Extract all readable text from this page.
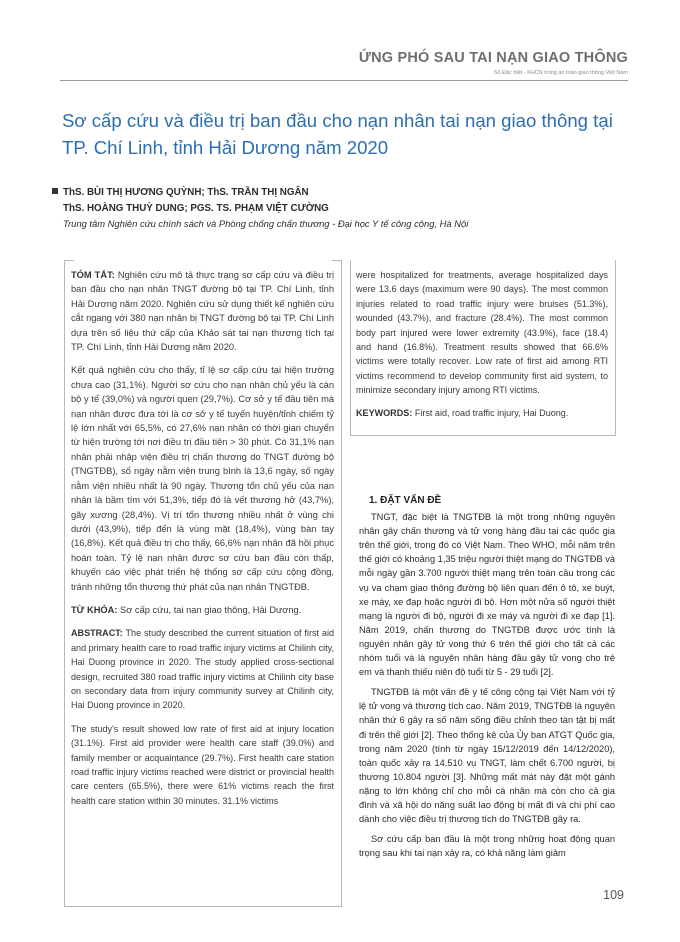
ỨNG PHÓ SAU TAI NẠN GIAO THÔNG
Số Đặc biệt - KHCN trong an toàn giao thông Việt Nam
Sơ cấp cứu và điều trị ban đầu cho nạn nhân tai nạn giao thông tại TP. Chí Linh, tỉnh Hải Dương năm 2020
ThS. BÙI THỊ HƯƠNG QUỲNH; ThS. TRẦN THỊ NGÂN
ThS. HOÀNG THUỲ DUNG; PGS. TS. PHẠM VIỆT CƯỜNG
Trung tâm Nghiên cứu chính sách và Phòng chống chấn thương - Đại học Y tế công cộng, Hà Nội

TÓM TẮT: Nghiên cứu mô tả thực trạng sơ cấp cứu và điều trị ban đầu cho nạn nhân TNGT đường bộ tại TP. Chí Linh, tỉnh Hải Dương năm 2020. Nghiên cứu sử dụng thiết kế nghiên cứu cắt ngang với 380 nạn nhân bị TNGT đường bộ tại TP. Chí Linh dựa trên số liệu thứ cấp của Khảo sát tai nạn thương tích tại TP. Chí Linh, tỉnh Hải Dương năm 2020.

Kết quả nghiên cứu cho thấy, tỉ lệ sơ cấp cứu tại hiện trường chưa cao (31,1%). Người sơ cứu cho nạn nhân chủ yếu là cán bộ y tế (39,0%) và người quen (29,7%). Cơ sở y tế đầu tiên mà nạn nhân được đưa tới là cơ sở y tế tuyến huyện/tỉnh chiếm tỷ lệ lớn nhất với 65,5%, có 27,6% nạn nhân có thời gian chuyển từ hiện trường tới nơi điều trị đầu tiên > 30 phút. Có 31,1% nạn nhân phải nhập viện điều trị chấn thương do TNGT đường bộ (TNGTĐB), số ngày nằm viện trung bình là 13,6 ngày, số ngày nằm viện nhiều nhất là 90 ngày. Thương tổn chủ yếu của nạn nhân là bầm tím với 51,3%, tiếp đó là vết thương hở (43,7%), gãy xương (28,4%). Vị trí tổn thương nhiều nhất ở vùng chi dưới (43,9%), tiếp đến là vùng mặt (18,4%), vùng bàn tay (16,8%). Kết quả điều trị cho thấy, 66,6% nạn nhân đã hồi phục hoàn toàn. Tỷ lệ nạn nhân được sơ cứu ban đầu còn thấp, khuyến cáo việc phát triển hệ thống sơ cấp cứu cộng đồng, tránh những tổn thương thứ phát của nạn nhân TNGTĐB.

TỪ KHÓA: Sơ cấp cứu, tai nạn giao thông, Hải Dương.

ABSTRACT: The study described the current situation of first aid and primary health care to road traffic injury victims at Chilinh city, Hai Duong province in 2020. The study applied cross-sectional design, recruited 380 road traffic injury victims at Chilinh city base on secondary data from injury community survey at Chilinh city, Hai Duong province in 2020.

The study's result showed low rate of first aid at injury location (31.1%). First aid provider were health care staff (39.0%) and family member or acquaintance (29.7%). First health care station road traffic injury victims reached were district or provincial health care centers (65.5%), there were 61% victims reach the first health care station within 30 minutes. 31.1% victims

were hospitalized for treatments, average hospitalized days were 13.6 days (maximum were 90 days). The most common injuries related to road traffic injury were bruises (51.3%), wounded (43.7%), and fracture (28.4%). The most common body part injured were lower extremity (43.9%), face (18.4) and hand (16.8%). Treatment results showed that 66.6% victims were totally recover. Low rate of first aid among RTI victims recommend to develop community first aid system, to minimize secondary injury among RTI victims.

KEYWORDS: First aid, road traffic injury, Hai Duong.

1. ĐẶT VẤN ĐỀ

TNGT, đặc biệt là TNGTĐB là một trong những nguyên nhân gây chấn thương và tử vong hàng đầu tại các quốc gia trên thế giới, trong đó có Việt Nam. Theo WHO, mỗi năm trên thế giới có khoảng 1,35 triệu người thiệt mạng do TNGTĐB và mỗi ngày gần 3.700 người thiệt mạng trên toàn cầu trong các vụ va chạm giao thông đường bộ liên quan đến ô tô, xe buýt, xe máy, xe đạp hoặc người đi bộ. Hơn một nửa số người thiệt mạng là người đi bộ, người đi xe máy và người đi xe đạp [1]. Năm 2019, chấn thương do TNGTĐB được ước tính là nguyên nhân gây tử vong thứ 6 trên thế giới cho tất cả các nhóm tuổi và là nguyên nhân hàng đầu gây tử vong cho trẻ em và thanh thiếu niên độ tuổi từ 5 - 29 tuổi [2].

TNGTĐB là một vấn đề y tế công cộng tại Việt Nam với tỷ lệ tử vong và thương tích cao. Năm 2019, TNGTĐB là nguyên nhân thứ 6 gây ra số năm sống điều chỉnh theo tàn tật bị mất đi trên thế giới [2]. Theo thống kê của Ủy ban ATGT Quốc gia, trong năm 2020 (tính từ ngày 15/12/2019 đến 14/12/2020), toàn quốc xảy ra 14.510 vụ TNGT, làm chết 6.700 người, bị thương 10.804 người [3]. Những mất mát này đặt một gánh nặng to lớn không chỉ cho mỗi cá nhân mà còn cho cả gia đình và xã hội do năng suất lao động bị mất đi và chi phí cao dành cho việc điều trị thương tích do TNGTĐB gây ra.

Sơ cứu cấp ban đầu là một trong những hoạt động quan trọng sau khi tai nạn xảy ra, có khả năng làm giảm

109
